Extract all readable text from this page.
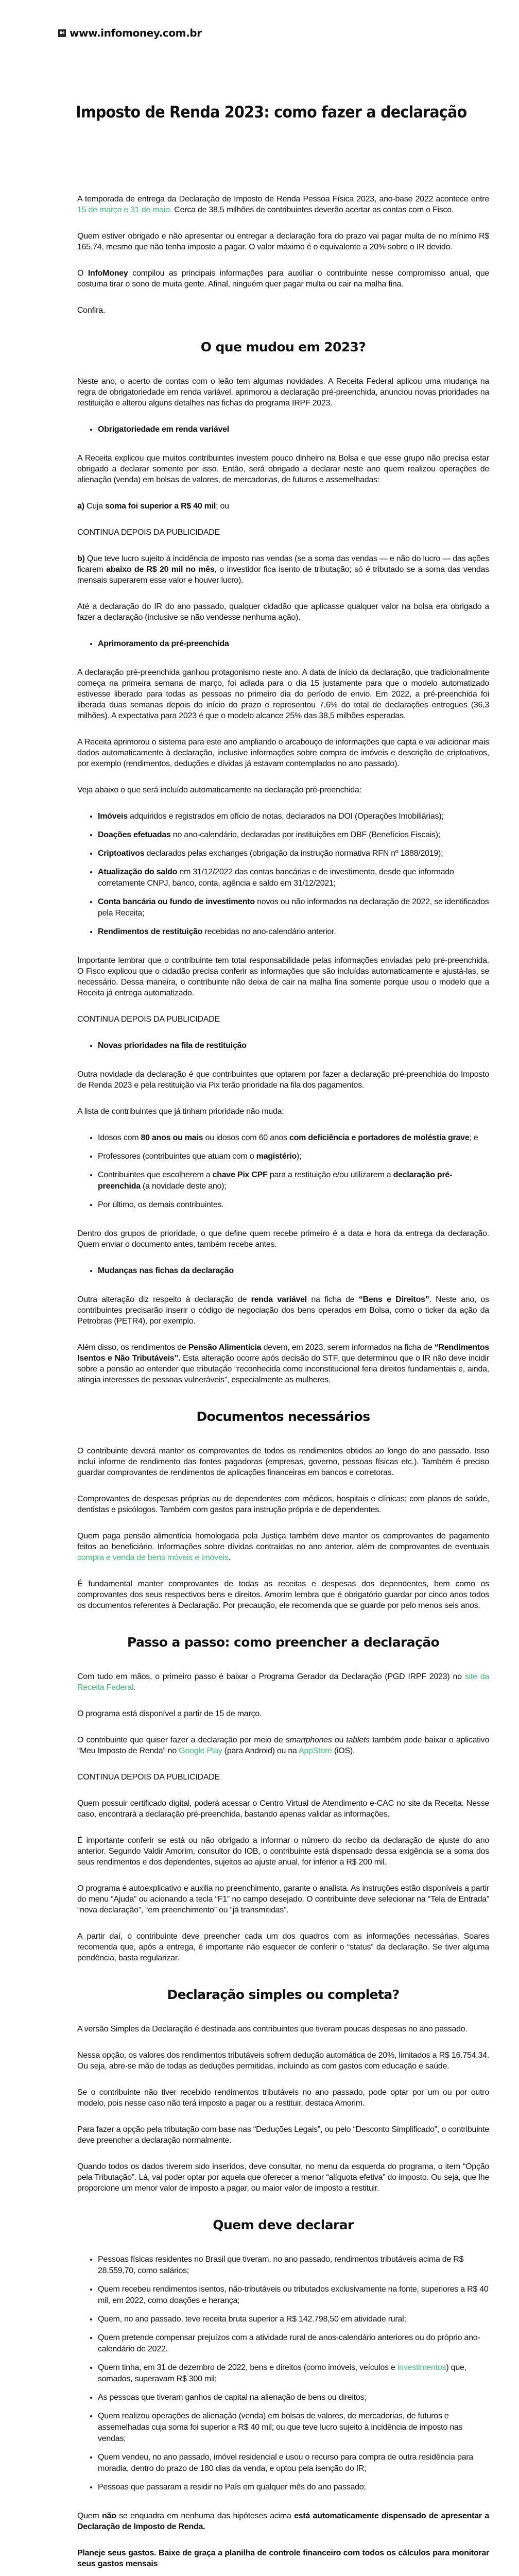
IM www.infomoney.com.br
Imposto de Renda 2023: como fazer a declaração

A temporada de entrega da Declaração de Imposto de Renda Pessoa Física 2023, ano-base 2022 acontece entre 15 de março e 31 de maio. Cerca de 38,5 milhões de contribuintes deverão acertar as contas com o Fisco.

Quem estiver obrigado e não apresentar ou entregar a declaração fora do prazo vai pagar multa de no mínimo R$ 165,74, mesmo que não tenha imposto a pagar. O valor máximo é o equivalente a 20% sobre o IR devido.

O InfoMoney compilou as principais informações para auxiliar o contribuinte nesse compromisso anual, que costuma tirar o sono de muita gente. Afinal, ninguém quer pagar multa ou cair na malha fina.

Confira.

O que mudou em 2023?

Neste ano, o acerto de contas com o leão tem algumas novidades. A Receita Federal aplicou uma mudança na regra de obrigatoriedade em renda variável, aprimorou a declaração pré-preenchida, anunciou novas prioridades na restituição e alterou alguns detalhes nas fichas do programa IRPF 2023.

• Obrigatoriedade em renda variável

A Receita explicou que muitos contribuintes investem pouco dinheiro na Bolsa e que esse grupo não precisa estar obrigado a declarar somente por isso. Então, será obrigado a declarar neste ano quem realizou operações de alienação (venda) em bolsas de valores, de mercadorias, de futuros e assemelhadas:

a) Cuja soma foi superior a R$ 40 mil; ou

CONTINUA DEPOIS DA PUBLICIDADE

b) Que teve lucro sujeito à incidência de imposto nas vendas (se a soma das vendas — e não do lucro — das ações ficarem abaixo de R$ 20 mil no mês, o investidor fica isento de tributação; só é tributado se a soma das vendas mensais superarem esse valor e houver lucro).

Até a declaração do IR do ano passado, qualquer cidadão que aplicasse qualquer valor na bolsa era obrigado a fazer a declaração (inclusive se não vendesse nenhuma ação).

• Aprimoramento da pré-preenchida

A declaração pré-preenchida ganhou protagonismo neste ano. A data de início da declaração, que tradicionalmente começa na primeira semana de março, foi adiada para o dia 15 justamente para que o modelo automatizado estivesse liberado para todas as pessoas no primeiro dia do período de envio. Em 2022, a pré-preenchida foi liberada duas semanas depois do início do prazo e representou 7,6% do total de declarações entregues (36,3 milhões). A expectativa para 2023 é que o modelo alcance 25% das 38,5 milhões esperadas.

A Receita aprimorou o sistema para este ano ampliando o arcabouço de informações que capta e vai adicionar mais dados automaticamente à declaração, inclusive informações sobre compra de imóveis e descrição de criptoativos, por exemplo (rendimentos, deduções e dívidas já estavam contemplados no ano passado).

Veja abaixo o que será incluído automaticamente na declaração pré-preenchida:

• Imóveis adquiridos e registrados em ofício de notas, declarados na DOI (Operações Imobiliárias);
• Doações efetuadas no ano-calendário, declaradas por instituições em DBF (Benefícios Fiscais);
• Criptoativos declarados pelas exchanges (obrigação da instrução normativa RFN nº 1888/2019);
• Atualização do saldo em 31/12/2022 das contas bancárias e de investimento, desde que informado corretamente CNPJ, banco, conta, agência e saldo em 31/12/2021;
• Conta bancária ou fundo de investimento novos ou não informados na declaração de 2022, se identificados pela Receita;
• Rendimentos de restituição recebidas no ano-calendário anterior.

Importante lembrar que o contribuinte tem total responsabilidade pelas informações enviadas pelo pré-preenchida. O Fisco explicou que o cidadão precisa conferir as informações que são incluídas automaticamente e ajustá-las, se necessário. Dessa maneira, o contribuinte não deixa de cair na malha fina somente porque usou o modelo que a Receita já entrega automatizado.

CONTINUA DEPOIS DA PUBLICIDADE

• Novas prioridades na fila de restituição

Outra novidade da declaração é que contribuintes que optarem por fazer a declaração pré-preenchida do Imposto de Renda 2023 e pela restituição via Pix terão prioridade na fila dos pagamentos.

A lista de contribuintes que já tinham prioridade não muda:

• Idosos com 80 anos ou mais ou idosos com 60 anos com deficiência e portadores de moléstia grave; e
• Professores (contribuintes que atuam com o magistério);
• Contribuintes que escolherem a chave Pix CPF para a restituição e/ou utilizarem a declaração pré-preenchida (a novidade deste ano);
• Por último, os demais contribuintes.

Dentro dos grupos de prioridade, o que define quem recebe primeiro é a data e hora da entrega da declaração. Quem enviar o documento antes, também recebe antes.

• Mudanças nas fichas da declaração

Outra alteração diz respeito à declaração de renda variável na ficha de “Bens e Direitos”. Neste ano, os contribuintes precisarão inserir o código de negociação dos bens operados em Bolsa, como o ticker da ação da Petrobras (PETR4), por exemplo.

Além disso, os rendimentos de Pensão Alimentícia devem, em 2023, serem informados na ficha de “Rendimentos Isentos e Não Tributáveis”. Esta alteração ocorre após decisão do STF, que determinou que o IR não deve incidir sobre a pensão ao entender que tributação “reconhecida como inconstitucional feria direitos fundamentais e, ainda, atingia interesses de pessoas vulneráveis”, especialmente as mulheres.

Documentos necessários

O contribuinte deverá manter os comprovantes de todos os rendimentos obtidos ao longo do ano passado. Isso inclui informe de rendimento das fontes pagadoras (empresas, governo, pessoas físicas etc.). Também é preciso guardar comprovantes de rendimentos de aplicações financeiras em bancos e corretoras.

Comprovantes de despesas próprias ou de dependentes com médicos, hospitais e clínicas; com planos de saúde, dentistas e psicólogos. Também com gastos para instrução própria e de dependentes.

Quem paga pensão alimentícia homologada pela Justiça também deve manter os comprovantes de pagamento feitos ao beneficiário. Informações sobre dívidas contraídas no ano anterior, além de comprovantes de eventuais compra e venda de bens móveis e imóveis.

É fundamental manter comprovantes de todas as receitas e despesas dos dependentes, bem como os comprovantes dos seus respectivos bens e direitos. Amorim lembra que é obrigatório guardar por cinco anos todos os documentos referentes à Declaração. Por precaução, ele recomenda que se guarde por pelo menos seis anos.

Passo a passo: como preencher a declaração

Com tudo em mãos, o primeiro passo é baixar o Programa Gerador da Declaração (PGD IRPF 2023) no site da Receita Federal.

O programa está disponível a partir de 15 de março.

O contribuinte que quiser fazer a declaração por meio de smartphones ou tablets também pode baixar o aplicativo “Meu Imposto de Renda” no Google Play (para Android) ou na AppStore (iOS).

CONTINUA DEPOIS DA PUBLICIDADE

Quem possuir certificado digital, poderá acessar o Centro Virtual de Atendimento e-CAC no site da Receita. Nesse caso, encontrará a declaração pré-preenchida, bastando apenas validar as informações.

É importante conferir se está ou não obrigado a informar o número do recibo da declaração de ajuste do ano anterior. Segundo Valdir Amorim, consultor do IOB, o contribuinte está dispensado dessa exigência se a soma dos seus rendimentos e dos dependentes, sujeitos ao ajuste anual, for inferior a R$ 200 mil.

O programa é autoexplicativo e auxilia no preenchimento, garante o analista. As instruções estão disponíveis a partir do menu “Ajuda” ou acionando a tecla “F1” no campo desejado. O contribuinte deve selecionar na “Tela de Entrada” “nova declaração”, “em preenchimento” ou “já transmitidas”.

A partir daí, o contribuinte deve preencher cada um dos quadros com as informações necessárias. Soares recomenda que, após a entrega, é importante não esquecer de conferir o “status” da declaração. Se tiver alguma pendência, basta regularizar.

Declaração simples ou completa?

A versão Simples da Declaração é destinada aos contribuintes que tiveram poucas despesas no ano passado.

Nessa opção, os valores dos rendimentos tributáveis sofrem dedução automática de 20%, limitados a R$ 16.754,34. Ou seja, abre-se mão de todas as deduções permitidas, incluindo as com gastos com educação e saúde.

Se o contribuinte não tiver recebido rendimentos tributáveis no ano passado, pode optar por um ou por outro modelo, pois nesse caso não terá imposto a pagar ou a restituir, destaca Amorim.

Para fazer a opção pela tributação com base nas “Deduções Legais”, ou pelo “Desconto Simplificado”, o contribuinte deve preencher a declaração normalmente.

Quando todos os dados tiverem sido inseridos, deve consultar, no menu da esquerda do programa, o item “Opção pela Tributação”. Lá, vai poder optar por aquela que oferecer a menor “alíquota efetiva” do imposto. Ou seja, que lhe proporcione um menor valor de imposto a pagar, ou maior valor de imposto a restituir.

Quem deve declarar
• Pessoas físicas residentes no Brasil que tiveram, no ano passado, rendimentos tributáveis acima de R$ 28.559,70, como salários;
• Quem recebeu rendimentos isentos, não-tributáveis ou tributados exclusivamente na fonte, superiores a R$ 40 mil, em 2022, como doações e herança;
• Quem, no ano passado, teve receita bruta superior a R$ 142.798,50 em atividade rural;
• Quem pretende compensar prejuízos com a atividade rural de anos-calendário anteriores ou do próprio ano-calendário de 2022.
• Quem tinha, em 31 de dezembro de 2022, bens e direitos (como imóveis, veículos e investimentos) que, somados, superavam R$ 300 mil;
• As pessoas que tiveram ganhos de capital na alienação de bens ou direitos;
• Quem realizou operações de alienação (venda) em bolsas de valores, de mercadorias, de futuros e assemelhadas cuja soma foi superior a R$ 40 mil; ou que teve lucro sujeito à incidência de imposto nas vendas;
• Quem vendeu, no ano passado, imóvel residencial e usou o recurso para compra de outra residência para moradia, dentro do prazo de 180 dias da venda, e optou pela isenção do IR;
• Pessoas que passaram a residir no País em qualquer mês do ano passado;

Quem não se enquadra em nenhuma das hipóteses acima está automaticamente dispensado de apresentar a Declaração de Imposto de Renda.

Planeje seus gastos. Baixe de graça a planilha de controle financeiro com todos os cálculos para monitorar seus gastos mensais
